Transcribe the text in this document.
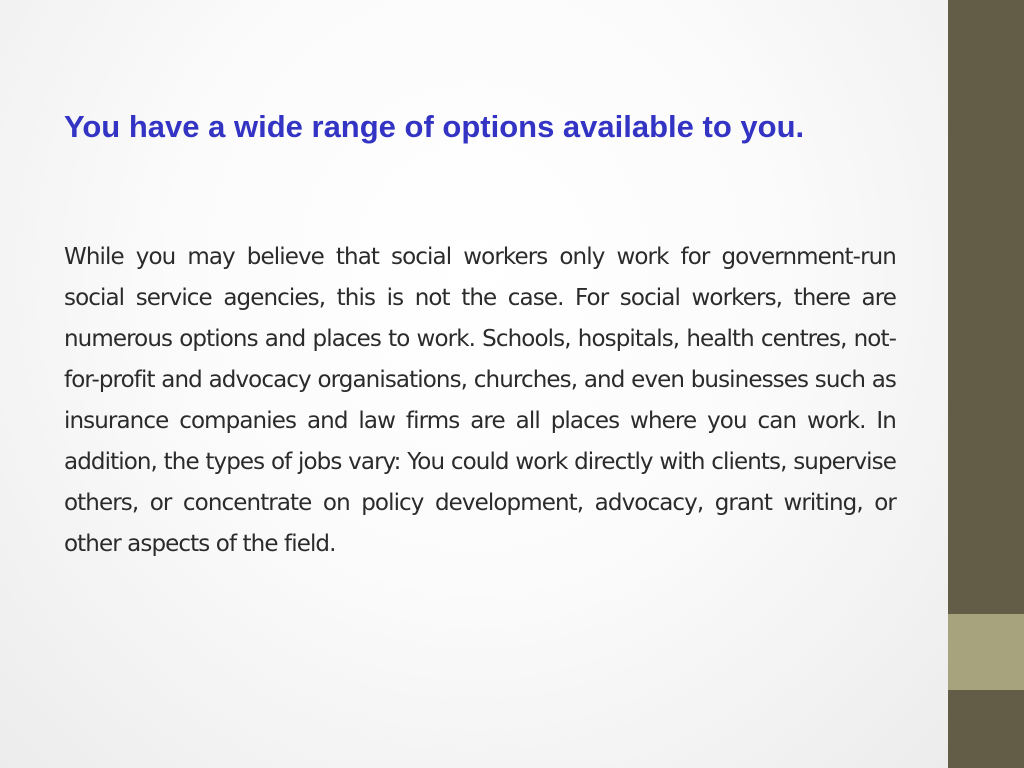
You have a wide range of options available to you.

While you may believe that social workers only work for government-run social service agencies, this is not the case. For social workers, there are numerous options and places to work. Schools, hospitals, health centres, not-for-profit and advocacy organisations, churches, and even businesses such as insurance companies and law firms are all places where you can work. In addition, the types of jobs vary: You could work directly with clients, supervise others, or concentrate on policy development, advocacy, grant writing, or other aspects of the field.
